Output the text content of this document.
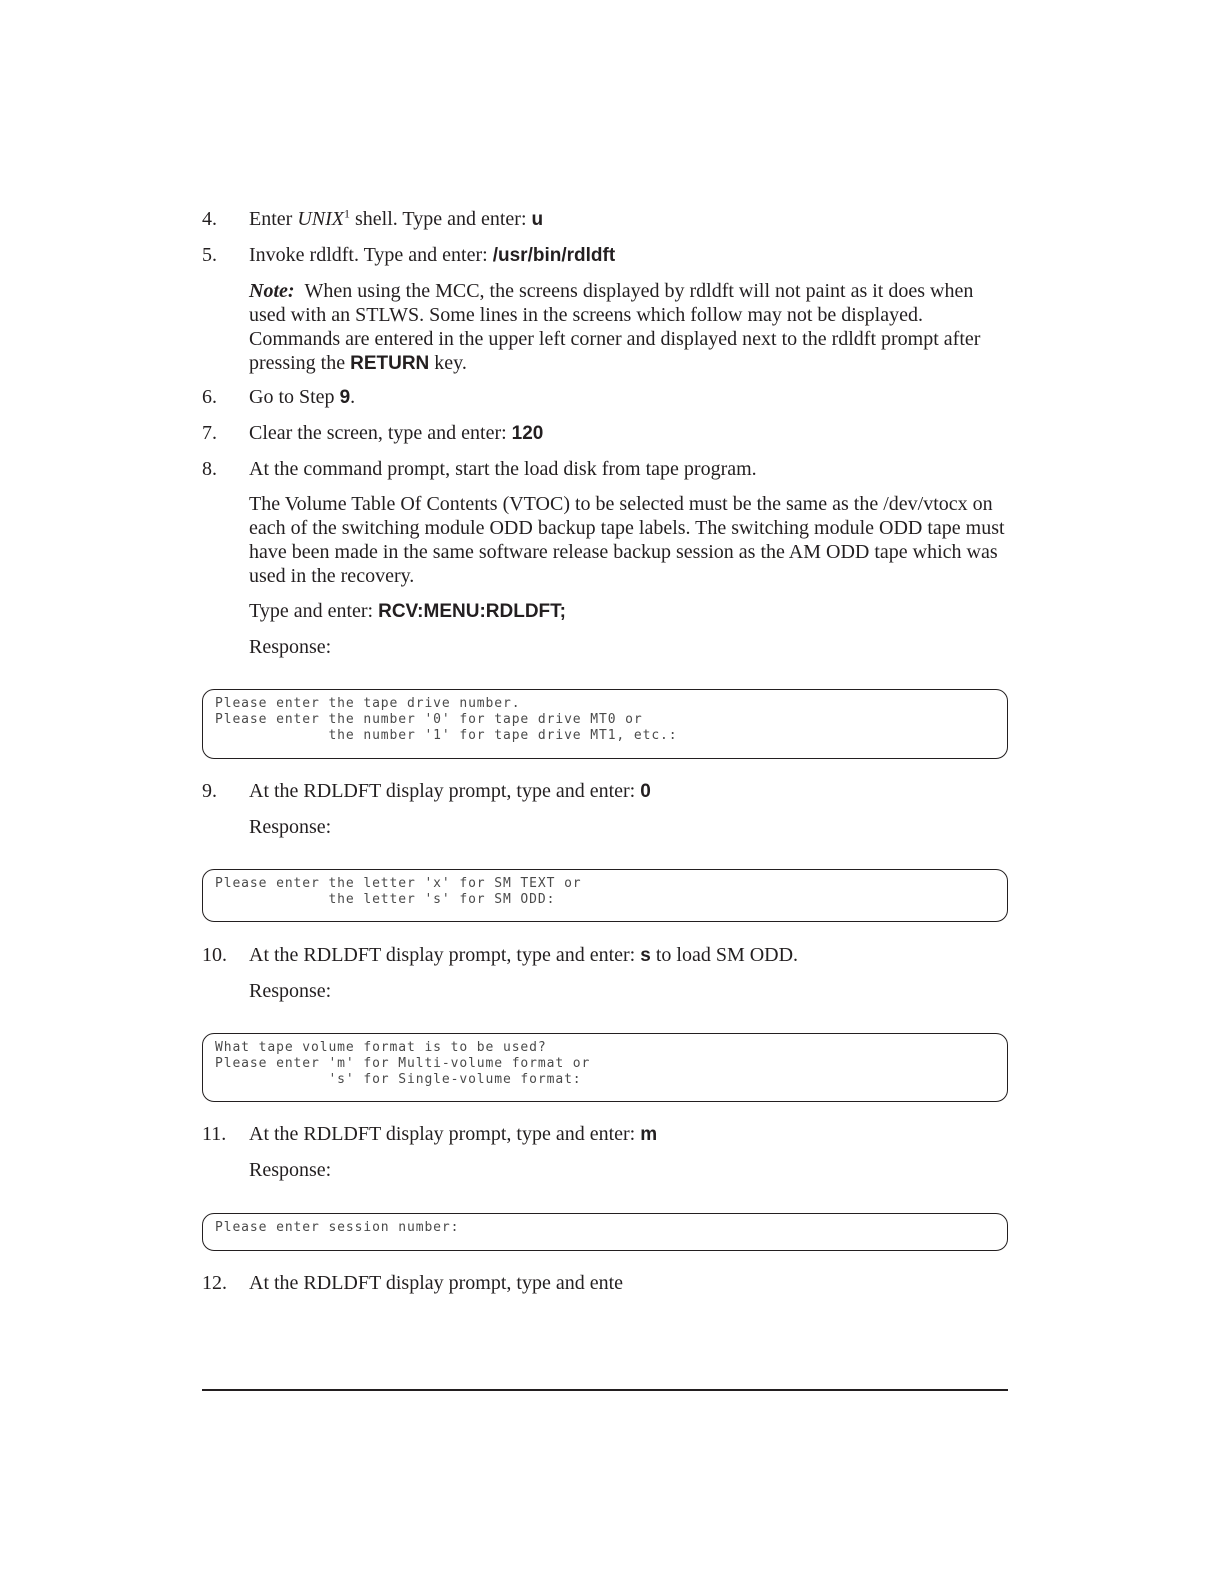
4. Enter UNIX$^1$ shell. Type and enter: u
5. Invoke rdldft. Type and enter: /usr/bin/rdldft
Note: When using the MCC, the screens displayed by rdldft will not paint as it does when used with an STLWS. Some lines in the screens which follow may not be displayed. Commands are entered in the upper left corner and displayed next to the rdldft prompt after pressing the RETURN key.
6. Go to Step 9.
7. Clear the screen, type and enter: 120
8. At the command prompt, start the load disk from tape program.
The Volume Table Of Contents (VTOC) to be selected must be the same as the /dev/vtocx on each of the switching module ODD backup tape labels. The switching module ODD tape must have been made in the same software release backup session as the AM ODD tape which was used in the recovery.
Type and enter: RCV:MENU:RDLDFT;
Response:
Please enter the tape drive number.
Please enter the number '0' for tape drive MT0 or
the number '1' for tape drive MT1, etc.:
9. At the RDLDFT display prompt, type and enter: 0
Response:
Please enter the letter 'x' for SM TEXT or
the letter 's' for SM ODD:
10. At the RDLDFT display prompt, type and enter: s to load SM ODD.
Response:
What tape volume format is to be used?
Please enter 'm' for Multi-volume format or
's' for Single-volume format:
11. At the RDLDFT display prompt, type and enter: m
Response:
Please enter session number:
12. At the RDLDFT display prompt, type and ente
